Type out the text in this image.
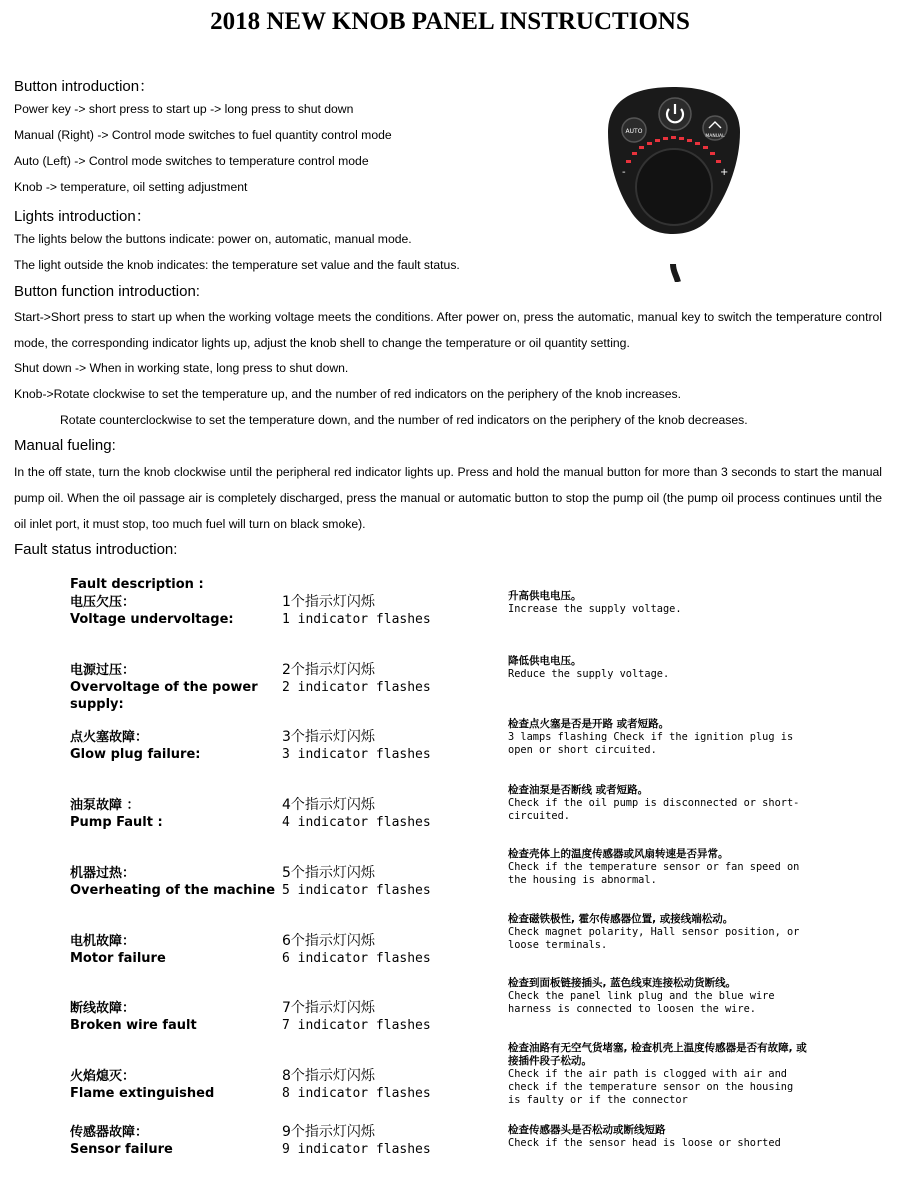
2018 NEW KNOB PANEL INSTRUCTIONS
Button introduction：
Power key -> short press to start up -> long press to shut down
Manual (Right) -> Control mode switches to fuel quantity control mode
Auto (Left) -> Control mode switches to temperature control mode
Knob -> temperature, oil setting adjustment
Lights introduction：
The lights below the buttons indicate: power on, automatic, manual mode.
The light outside the knob indicates: the temperature set value and the fault status.
AUTO
MANUAL
-	+
Button function introduction:
Start->Short press to start up when the working voltage meets the conditions. After power on, press the automatic, manual key to switch the temperature control mode, the corresponding indicator lights up, adjust the knob shell to change the temperature or oil quantity setting.
Shut down -> When in working state, long press to shut down.
Knob->Rotate clockwise to set the temperature up, and the number of red indicators on the periphery of the knob increases.
Rotate counterclockwise to set the temperature down, and the number of red indicators on the periphery of the knob decreases.
Manual fueling:
In the off state, turn the knob clockwise until the peripheral red indicator lights up. Press and hold the manual button for more than 3 seconds to start the manual pump oil. When the oil passage air is completely discharged, press the manual or automatic button to stop the pump oil (the pump oil process continues until the oil inlet port, it must stop, too much fuel will turn on black smoke).
Fault status introduction:
Fault description :
电压欠压：
Voltage undervoltage:
1个指示灯闪烁
1 indicator flashes
升高供电电压。
Increase the supply voltage.
电源过压：
Overvoltage of the power supply:
2个指示灯闪烁
2 indicator flashes
降低供电电压。
Reduce the supply voltage.
点火塞故障：
Glow plug failure:
3个指示灯闪烁
3 indicator flashes
检查点火塞是否是开路 或者短路。
3 lamps flashing Check if the ignition plug is open or short circuited.
油泵故障 ：
Pump Fault :
4个指示灯闪烁
4 indicator flashes
检查油泵是否断线 或者短路。
Check if the oil pump is disconnected or short-circuited.
机器过热：
Overheating of the machine
5个指示灯闪烁
5 indicator flashes
检查壳体上的温度传感器或风扇转速是否异常。
Check if the temperature sensor or fan speed on the housing is abnormal.
电机故障：
Motor failure
6个指示灯闪烁
6 indicator flashes
检查磁铁极性, 霍尔传感器位置, 或接线端松动。
Check magnet polarity, Hall sensor position, or loose terminals.
断线故障：
Broken wire fault
7个指示灯闪烁
7 indicator flashes
检查到面板链接插头, 蓝色线束连接松动货断线。
Check the panel link plug and the blue wire harness is connected to loosen the wire.
火焰熄灭：
Flame extinguished
8个指示灯闪烁
8 indicator flashes
检查油路有无空气货堵塞, 检查机壳上温度传感器是否有故障, 或接插件段子松动。
Check if the air path is clogged with air and check if the temperature sensor on the housing is faulty or if the connector
传感器故障：
Sensor failure
9个指示灯闪烁
9 indicator flashes
检查传感器头是否松动或断线短路
Check if the sensor head is loose or shorted
